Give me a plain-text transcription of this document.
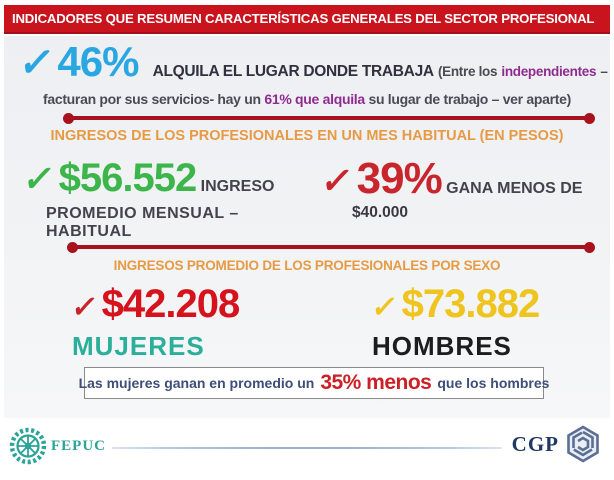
INDICADORES QUE RESUMEN CARACTERÍSTICAS GENERALES DEL SECTOR PROFESIONAL
✓ 46% ALQUILA EL LUGAR DONDE TRABAJA (Entre los independientes –
facturan por sus servicios- hay un 61% que alquila su lugar de trabajo – ver aparte)
INGRESOS DE LOS PROFESIONALES EN UN MES HABITUAL (EN PESOS)
✓ $56.552 INGRESO
PROMEDIO MENSUAL – HABITUAL
✓ 39% GANA MENOS DE
$40.000
INGRESOS PROMEDIO DE LOS PROFESIONALES POR SEXO
✓ $42.208
MUJERES
✓ $73.882
HOMBRES
Las mujeres ganan en promedio un 35% menos que los hombres
FEPUC	CGP
